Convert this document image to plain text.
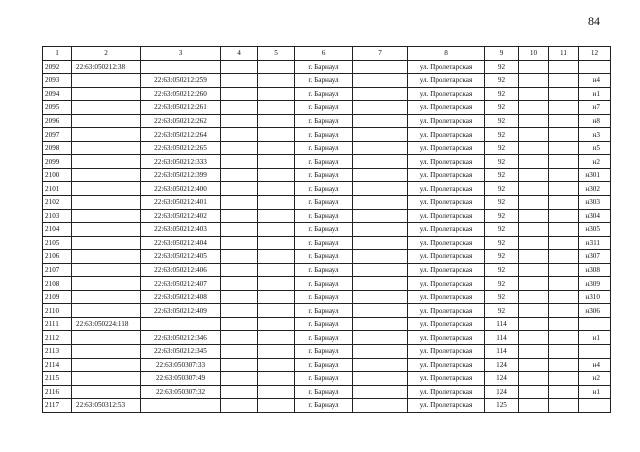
84
1	2	3	4	5	6	7	8	9	10	11	12
2092	22:63:050212:38				г. Барнаул		ул. Пролетарская	92			
2093		22:63:050212:259			г. Барнаул		ул. Пролетарская	92			н4
2094		22:63:050212:260			г. Барнаул		ул. Пролетарская	92			н1
2095		22:63:050212:261			г. Барнаул		ул. Пролетарская	92			н7
2096		22:63:050212:262			г. Барнаул		ул. Пролетарская	92			н8
2097		22:63:050212:264			г. Барнаул		ул. Пролетарская	92			н3
2098		22:63:050212:265			г. Барнаул		ул. Пролетарская	92			н5
2099		22:63:050212:333			г. Барнаул		ул. Пролетарская	92			н2
2100		22:63:050212:399			г. Барнаул		ул. Пролетарская	92			н301
2101		22:63:050212:400			г. Барнаул		ул. Пролетарская	92			н302
2102		22:63:050212:401			г. Барнаул		ул. Пролетарская	92			н303
2103		22:63:050212:402			г. Барнаул		ул. Пролетарская	92			н304
2104		22:63:050212:403			г. Барнаул		ул. Пролетарская	92			н305
2105		22:63:050212:404			г. Барнаул		ул. Пролетарская	92			н311
2106		22:63:050212:405			г. Барнаул		ул. Пролетарская	92			н307
2107		22:63:050212:406			г. Барнаул		ул. Пролетарская	92			н308
2108		22:63:050212:407			г. Барнаул		ул. Пролетарская	92			н309
2109		22:63:050212:408			г. Барнаул		ул. Пролетарская	92			н310
2110		22:63:050212:409			г. Барнаул		ул. Пролетарская	92			н306
2111	22:63:050224:118				г. Барнаул		ул. Пролетарская	114			
2112		22:63:050212:346			г. Барнаул		ул. Пролетарская	114			н1
2113		22:63:050212:345			г. Барнаул		ул. Пролетарская	114			
2114		22:63:050307:33			г. Барнаул		ул. Пролетарская	124			н4
2115		22:63:050307:49			г. Барнаул		ул. Пролетарская	124			н2
2116		22:63:050307:32			г. Барнаул		ул. Пролетарская	124			н1
2117	22:63:050312:53				г. Барнаул		ул. Пролетарская	125			
